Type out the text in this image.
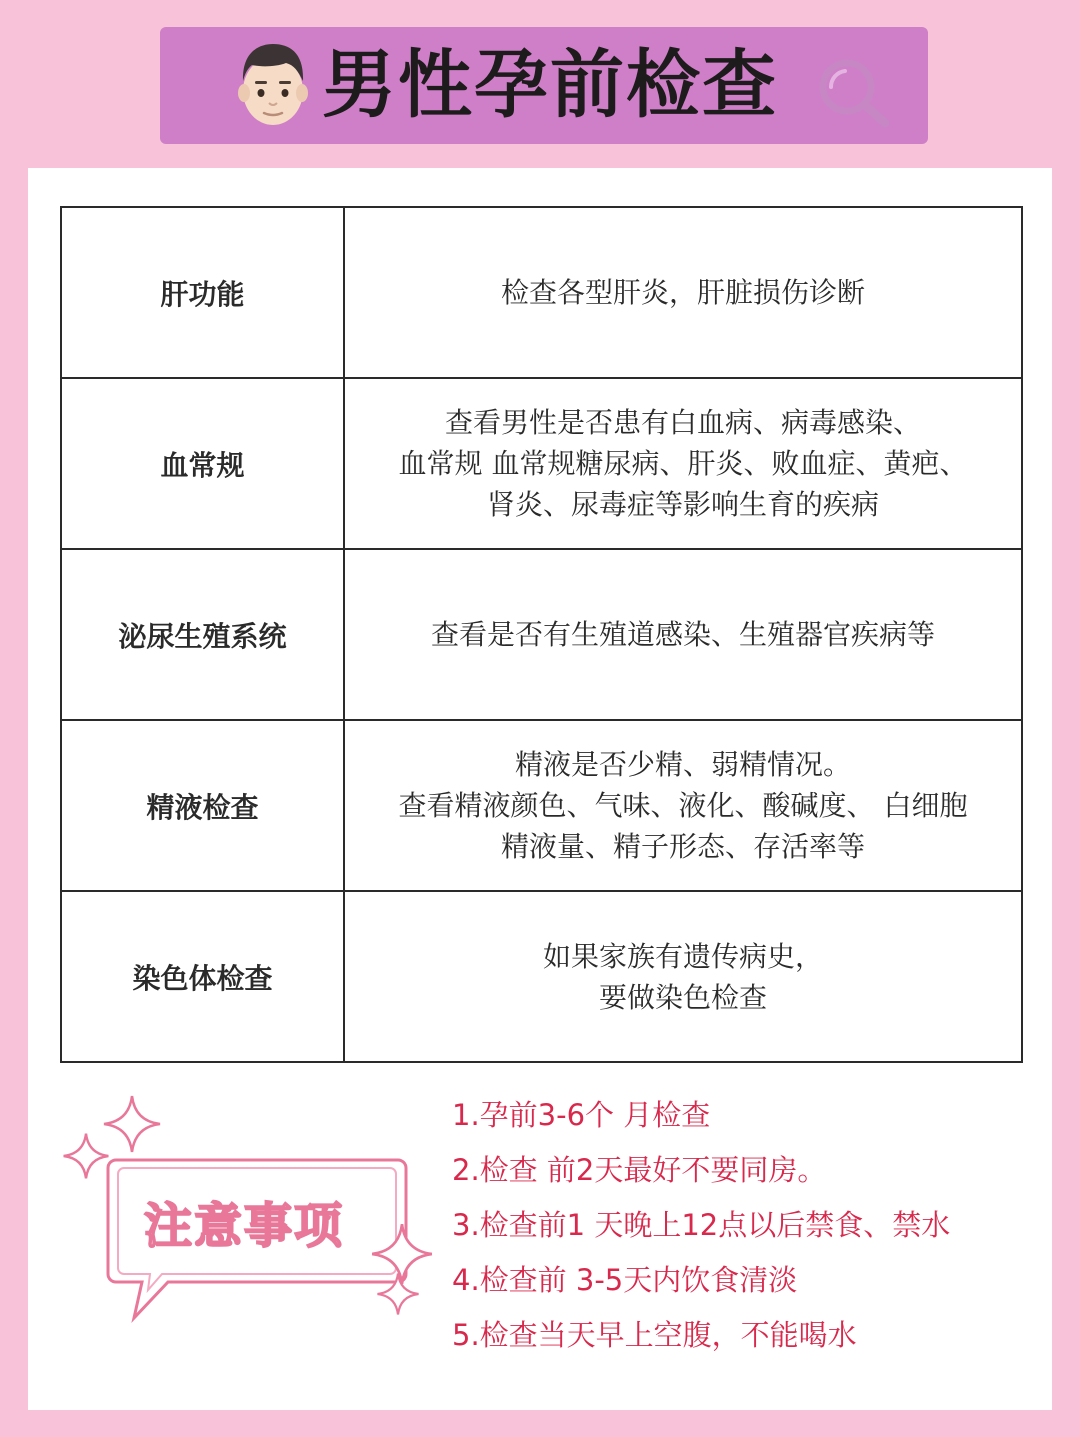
男性孕前检查
肝功能	检查各型肝炎，肝脏损伤诊断

血常规	查看男性是否患有白血病、病毒感染、
血常规 血常规糖尿病、肝炎、败血症、黄疤、
肾炎、尿毒症等影响生育的疾病

泌尿生殖系统	查看是否有生殖道感染、生殖器官疾病等

精液检查	精液是否少精、弱精情况。
查看精液颜色、气味、液化、酸碱度、 白细胞
精液量、精子形态、存活率等

染色体检查	如果家族有遗传病史，
要做染色检查
注意事项
1.孕前3-6个 月检查
2.检查 前2天最好不要同房。
3.检查前1 天晚上12点以后禁食、禁水
4.检查前 3-5天内饮食清淡
5.检查当天早上空腹，不能喝水
